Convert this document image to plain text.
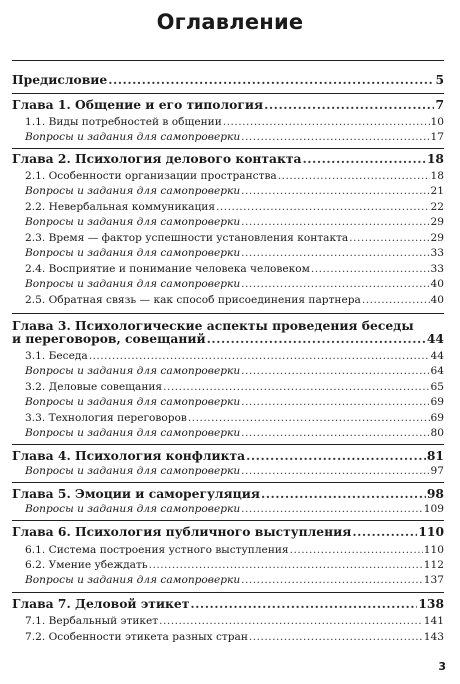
Оглавление
Предисловие .....	5
Глава 1. Общение и его типология .....	7
1.1. Виды потребностей в общении .....	10
Вопросы и задания для самопроверки .....	17
Глава 2. Психология делового контакта .....	18
2.1. Особенности организации пространства .....	18
Вопросы и задания для самопроверки .....	21
2.2. Невербальная коммуникация .....	22
Вопросы и задания для самопроверки .....	29
2.3. Время — фактор успешности установления контакта .....	29
Вопросы и задания для самопроверки .....	33
2.4. Восприятие и понимание человека человеком .....	33
Вопросы и задания для самопроверки .....	40
2.5. Обратная связь — как способ присоединения партнера .....	40
Глава 3. Психологические аспекты проведения беседы
и переговоров, совещаний .....	44
3.1. Беседа .....	44
Вопросы и задания для самопроверки .....	64
3.2. Деловые совещания .....	65
Вопросы и задания для самопроверки .....	69
3.3. Технология переговоров .....	69
Вопросы и задания для самопроверки .....	80
Глава 4. Психология конфликта .....	81
Вопросы и задания для самопроверки .....	97
Глава 5. Эмоции и саморегуляция .....	98
Вопросы и задания для самопроверки .....	109
Глава 6. Психология публичного выступления .....	110
6.1. Система построения устного выступления .....	110
6.2. Умение убеждать .....	112
Вопросы и задания для самопроверки .....	137
Глава 7. Деловой этикет .....	138
7.1. Вербальный этикет .....	141
7.2. Особенности этикета разных стран .....	143
3
